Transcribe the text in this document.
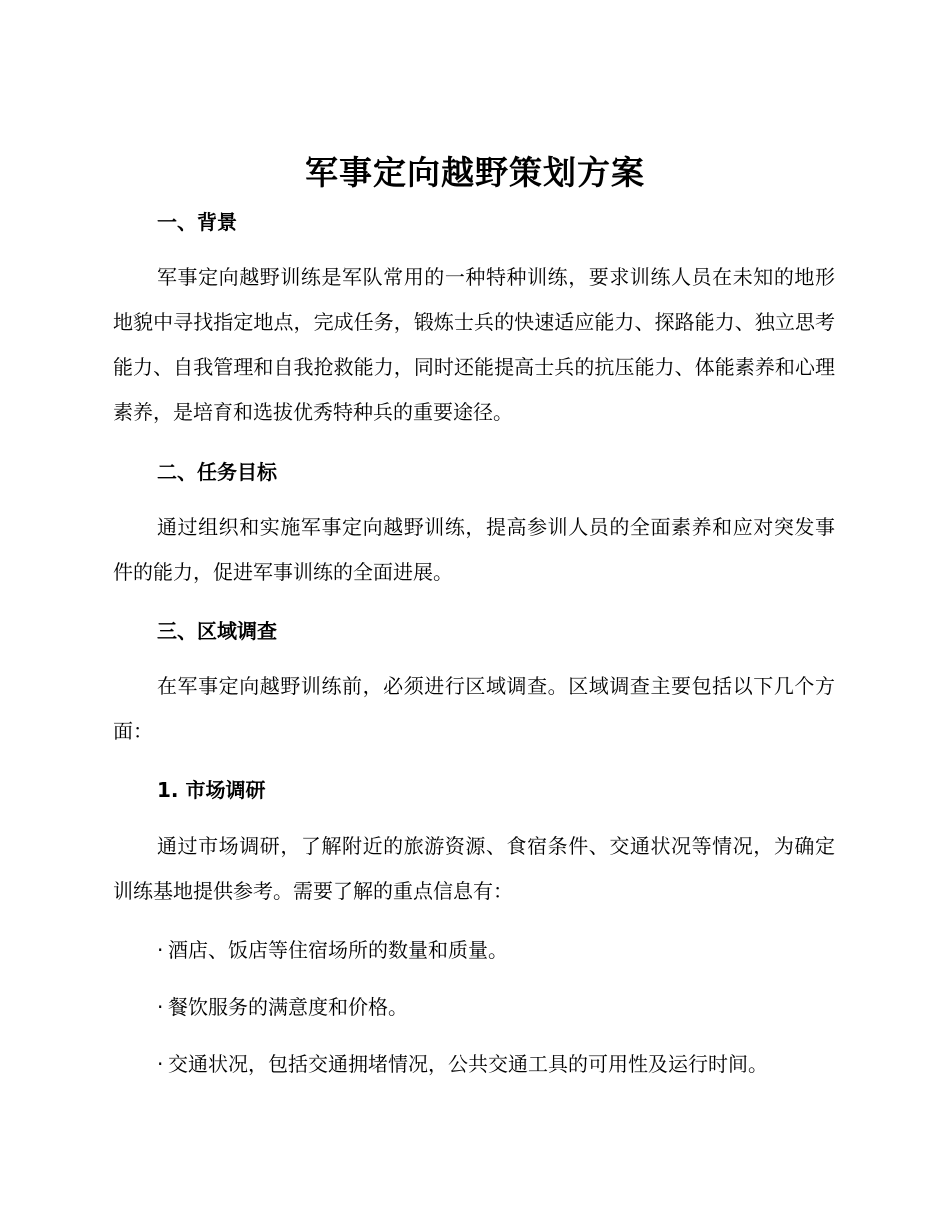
军事定向越野策划方案
一、背景

军事定向越野训练是军队常用的一种特种训练，要求训练人员在未知的地形地貌中寻找指定地点，完成任务，锻炼士兵的快速适应能力、探路能力、独立思考能力、自我管理和自我抢救能力，同时还能提高士兵的抗压能力、体能素养和心理素养，是培育和选拔优秀特种兵的重要途径。

二、任务目标

通过组织和实施军事定向越野训练，提高参训人员的全面素养和应对突发事件的能力，促进军事训练的全面进展。

三、区域调查

在军事定向越野训练前，必须进行区域调查。区域调查主要包括以下几个方面：

1. 市场调研

通过市场调研，了解附近的旅游资源、食宿条件、交通状况等情况，为确定训练基地提供参考。需要了解的重点信息有：

· 酒店、饭店等住宿场所的数量和质量。
· 餐饮服务的满意度和价格。
· 交通状况，包括交通拥堵情况，公共交通工具的可用性及运行时间。
